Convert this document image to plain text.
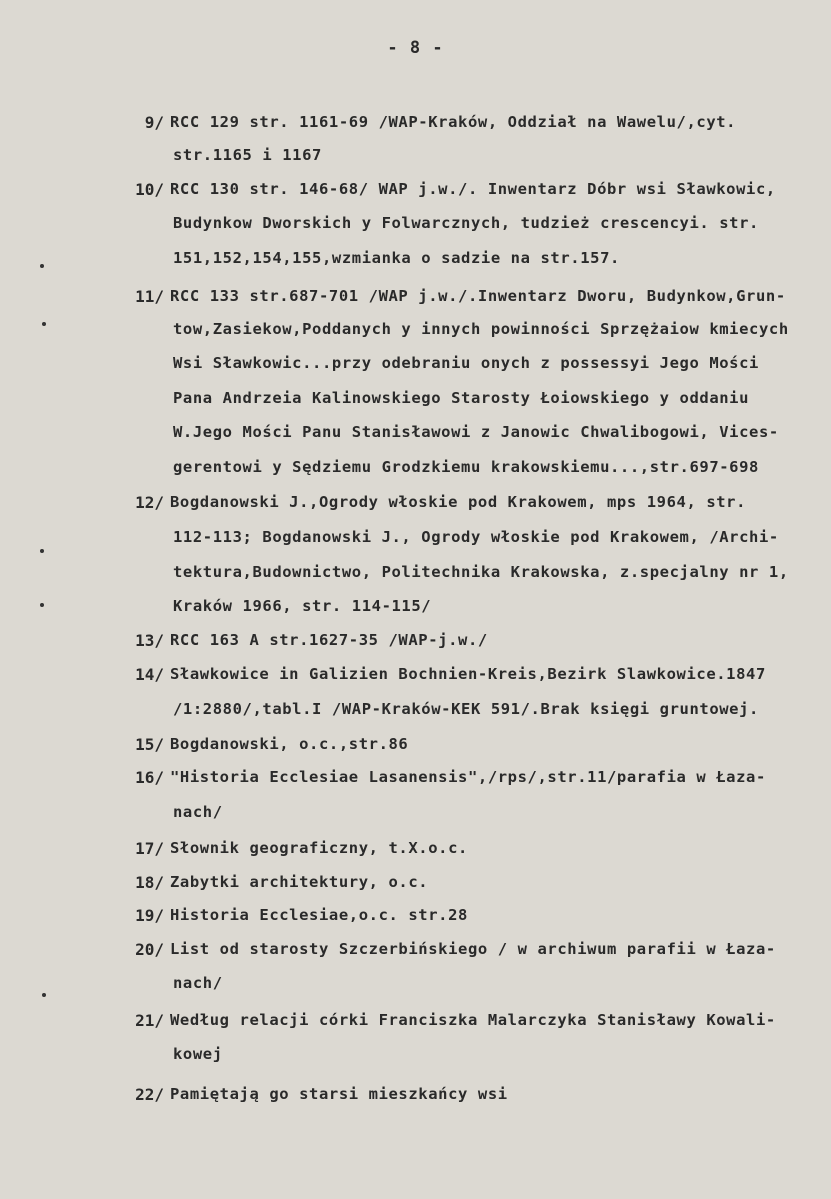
- 8 -
9/ RCC 129 str. 1161-69 /WAP-Kraków, Oddział na Wawelu/,cyt.
str.1165 i 1167
10/ RCC 130 str. 146-68/ WAP j.w./. Inwentarz Dóbr wsi Sławkowic,
Budynkow Dworskich y Folwarcznych, tudzież crescencyi. str.
151,152,154,155,wzmianka o sadzie na str.157.
11/ RCC 133 str.687-701 /WAP j.w./.Inwentarz Dworu, Budynkow,Grun-
tow,Zasiekow,Poddanych y innych powinności Sprzężaiow kmiecych
Wsi Sławkowic...przy odebraniu onych z possessyi Jego Mości
Pana Andrzeia Kalinowskiego Starosty Łoiowskiego y oddaniu
W.Jego Mości Panu Stanisławowi z Janowic Chwalibogowi, Vices-
gerentowi y Sędziemu Grodzkiemu krakowskiemu...,str.697-698
12/ Bogdanowski J.,Ogrody włoskie pod Krakowem, mps 1964, str.
112-113; Bogdanowski J., Ogrody włoskie pod Krakowem, /Archi-
tektura,Budownictwo, Politechnika Krakowska, z.specjalny nr 1,
Kraków 1966, str. 114-115/
13/ RCC 163 A str.1627-35 /WAP-j.w./
14/ Sławkowice in Galizien Bochnien-Kreis,Bezirk Slawkowice.1847
/1:2880/,tabl.I /WAP-Kraków-KEK 591/.Brak księgi gruntowej.
15/ Bogdanowski, o.c.,str.86
16/ "Historia Ecclesiae Lasanensis",/rps/,str.11/parafia w Łaza-
nach/
17/ Słownik geograficzny, t.X.o.c.
18/ Zabytki architektury, o.c.
19/ Historia Ecclesiae,o.c. str.28
20/ List od starosty Szczerbińskiego / w archiwum parafii w Łaza-
nach/
21/ Według relacji córki Franciszka Malarczyka Stanisławy Kowali-
kowej
22/ Pamiętają go starsi mieszkańcy wsi
